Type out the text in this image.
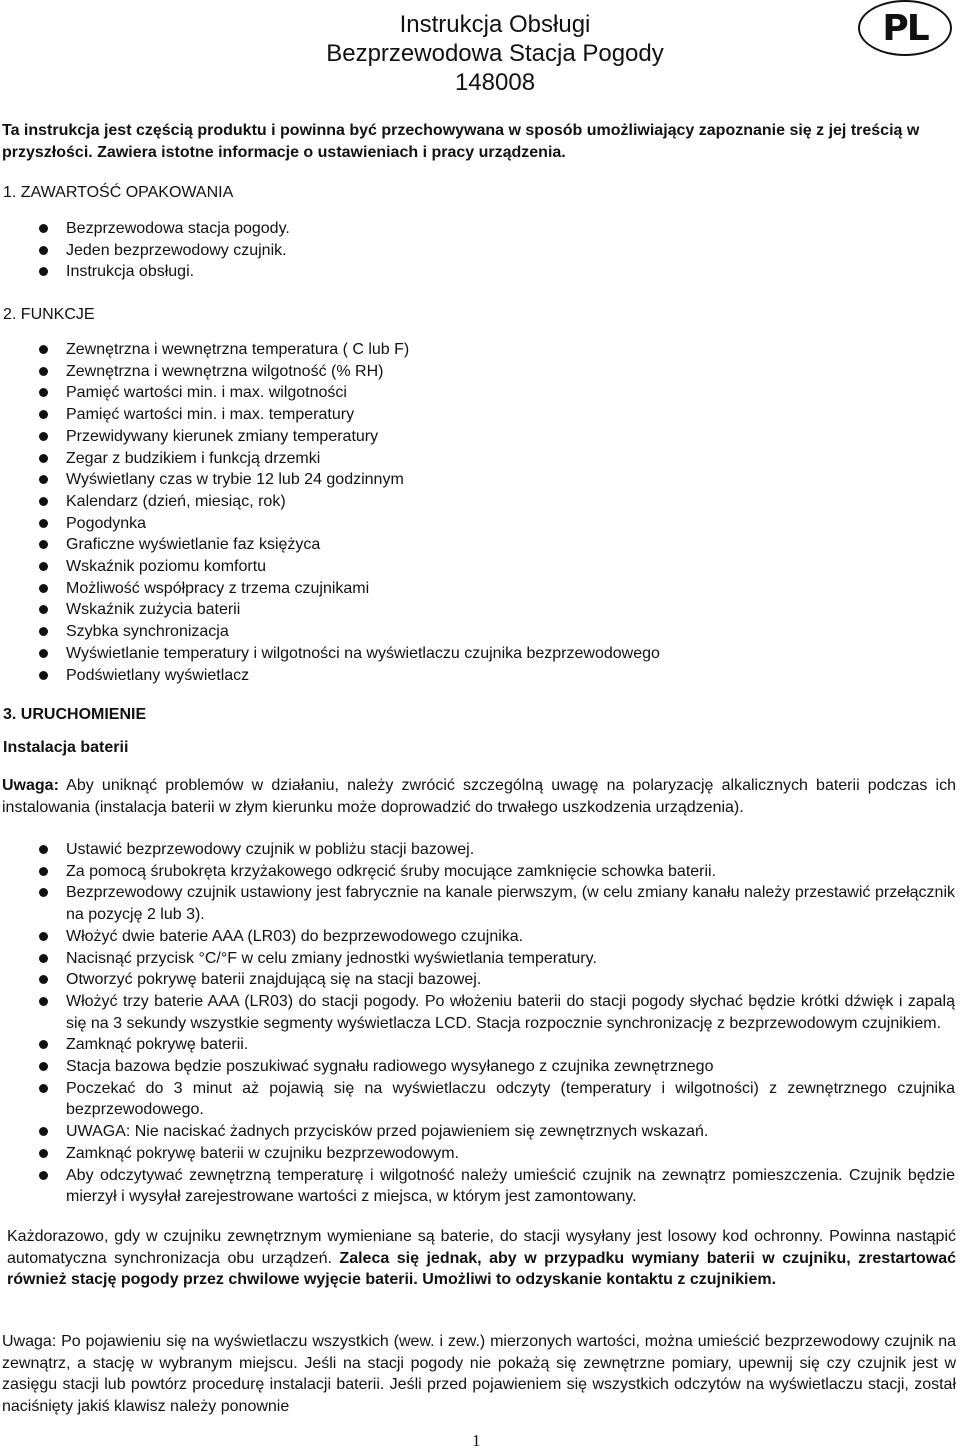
Instrukcja Obsługi
Bezprzewodowa Stacja Pogody
148008
PL
Ta instrukcja jest częścią produktu i powinna być przechowywana w sposób umożliwiający zapoznanie się z jej treścią w przyszłości. Zawiera istotne informacje o ustawieniach i pracy urządzenia.
1. ZAWARTOŚĆ OPAKOWANIA
Bezprzewodowa stacja pogody.
Jeden bezprzewodowy czujnik.
Instrukcja obsługi.
2. FUNKCJE
Zewnętrzna i wewnętrzna temperatura ( C lub F)
Zewnętrzna i wewnętrzna wilgotność (% RH)
Pamięć wartości min. i max. wilgotności
Pamięć wartości min. i max. temperatury
Przewidywany kierunek zmiany temperatury
Zegar z budzikiem i funkcją drzemki
Wyświetlany czas w trybie 12 lub 24 godzinnym
Kalendarz (dzień, miesiąc, rok)
Pogodynka
Graficzne wyświetlanie faz księżyca
Wskaźnik poziomu komfortu
Możliwość współpracy z trzema czujnikami
Wskaźnik zużycia baterii
Szybka synchronizacja
Wyświetlanie temperatury i wilgotności na wyświetlaczu czujnika bezprzewodowego
Podświetlany wyświetlacz
3. URUCHOMIENIE
Instalacja baterii
Uwaga: Aby uniknąć problemów w działaniu, należy zwrócić szczególną uwagę na polaryzację alkalicznych baterii podczas ich instalowania (instalacja baterii w złym kierunku może doprowadzić do trwałego uszkodzenia urządzenia).
Ustawić bezprzewodowy czujnik w pobliżu stacji bazowej.
Za pomocą śrubokręta krzyżakowego odkręcić śruby mocujące zamknięcie schowka baterii.
Bezprzewodowy czujnik ustawiony jest fabrycznie na kanale pierwszym, (w celu zmiany kanału należy przestawić przełącznik na pozycję 2 lub 3).
Włożyć dwie baterie AAA (LR03) do bezprzewodowego czujnika.
Nacisnąć przycisk °C/°F w celu zmiany jednostki wyświetlania temperatury.
Otworzyć pokrywę baterii znajdującą się na stacji bazowej.
Włożyć trzy baterie AAA (LR03) do stacji pogody. Po włożeniu baterii do stacji pogody słychać będzie krótki dźwięk i zapalą się na 3 sekundy wszystkie segmenty wyświetlacza LCD. Stacja rozpocznie synchronizację z bezprzewodowym czujnikiem.
Zamknąć pokrywę baterii.
Stacja bazowa będzie poszukiwać sygnału radiowego wysyłanego z czujnika zewnętrznego
Poczekać do 3 minut aż pojawią się na wyświetlaczu odczyty (temperatury i wilgotności) z zewnętrznego czujnika bezprzewodowego.
UWAGA: Nie naciskać żadnych przycisków przed pojawieniem się zewnętrznych wskazań.
Zamknąć pokrywę baterii w czujniku bezprzewodowym.
Aby odczytywać zewnętrzną temperaturę i wilgotność należy umieścić czujnik na zewnątrz pomieszczenia. Czujnik będzie mierzył i wysyłał zarejestrowane wartości z miejsca, w którym jest zamontowany.
Każdorazowo, gdy w czujniku zewnętrznym wymieniane są baterie, do stacji wysyłany jest losowy kod ochronny. Powinna nastąpić automatyczna synchronizacja obu urządzeń. Zaleca się jednak, aby w przypadku wymiany baterii w czujniku, zrestartować również stację pogody przez chwilowe wyjęcie baterii. Umożliwi to odzyskanie kontaktu z czujnikiem.
Uwaga: Po pojawieniu się na wyświetlaczu wszystkich (wew. i zew.) mierzonych wartości, można umieścić bezprzewodowy czujnik na zewnątrz, a stację w wybranym miejscu. Jeśli na stacji pogody nie pokażą się zewnętrzne pomiary, upewnij się czy czujnik jest w zasięgu stacji lub powtórz procedurę instalacji baterii. Jeśli przed pojawieniem się wszystkich odczytów na wyświetlaczu stacji, został naciśnięty jakiś klawisz należy ponownie
1
